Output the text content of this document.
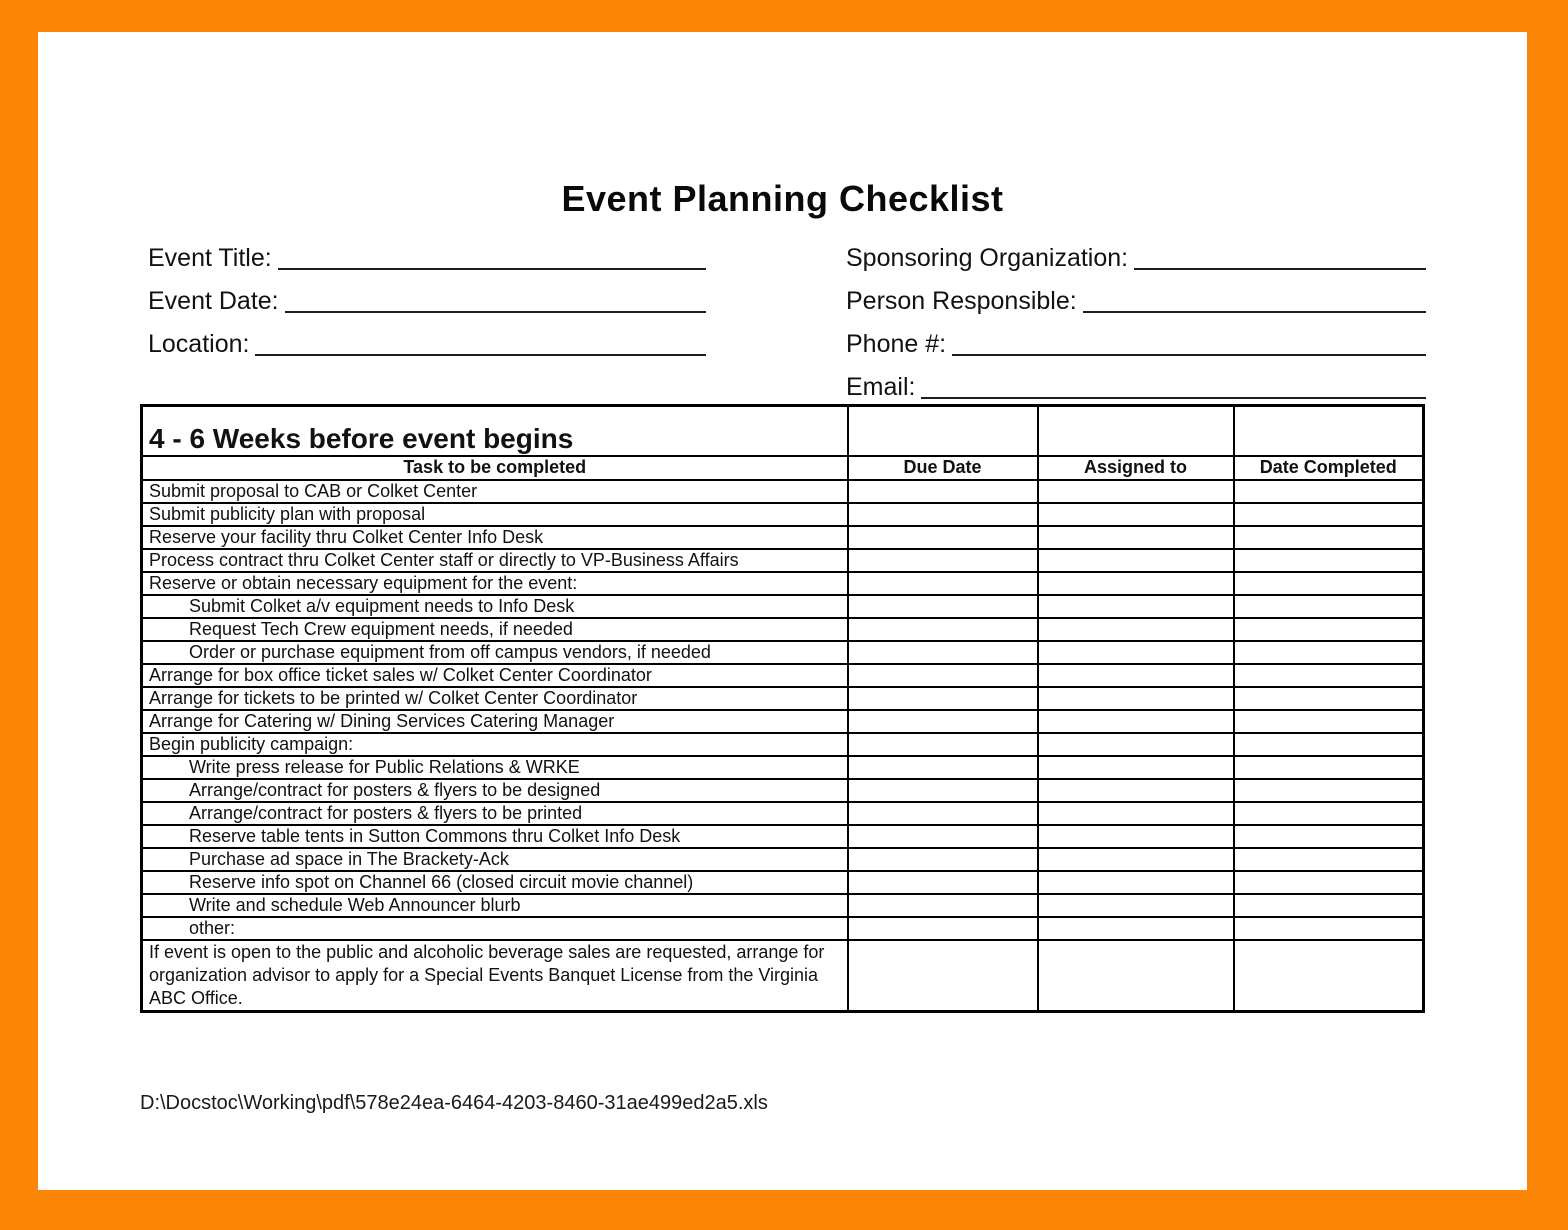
Event Planning Checklist
Event Title:
Event Date:
Location:
Sponsoring Organization:
Person Responsible:
Phone #:
Email:
4 - 6 Weeks before event begins			
Task to be completed	Due Date	Assigned to	Date Completed
Submit proposal to CAB or Colket Center			
Submit publicity plan with proposal			
Reserve your facility thru Colket Center Info Desk			
Process contract thru Colket Center staff or directly to VP-Business Affairs			
Reserve or obtain necessary equipment for the event:			
Submit Colket a/v equipment needs to Info Desk			
Request Tech Crew equipment needs, if needed			
Order or purchase equipment from off campus vendors, if needed			
Arrange for box office ticket sales w/ Colket Center Coordinator			
Arrange for tickets to be printed w/ Colket Center Coordinator			
Arrange for Catering w/ Dining Services Catering Manager			
Begin publicity campaign:			
Write press release for Public Relations & WRKE			
Arrange/contract for posters & flyers to be designed			
Arrange/contract for posters & flyers to be printed			
Reserve table tents in Sutton Commons thru Colket Info Desk			
Purchase ad space in The Brackety-Ack			
Reserve info spot on Channel 66 (closed circuit movie channel)			
Write and schedule Web Announcer blurb			
other:			
If event is open to the public and alcoholic beverage sales are requested, arrange for organization advisor to apply for a Special Events Banquet License from the Virginia ABC Office.			
D:\Docstoc\Working\pdf\578e24ea-6464-4203-8460-31ae499ed2a5.xls
